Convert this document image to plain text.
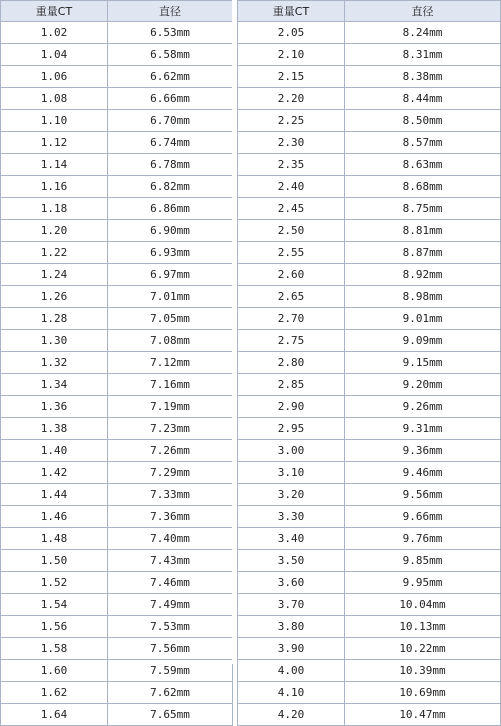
重量CT	直径
1.02	6.53mm
1.04	6.58mm
1.06	6.62mm
1.08	6.66mm
1.10	6.70mm
1.12	6.74mm
1.14	6.78mm
1.16	6.82mm
1.18	6.86mm
1.20	6.90mm
1.22	6.93mm
1.24	6.97mm
1.26	7.01mm
1.28	7.05mm
1.30	7.08mm
1.32	7.12mm
1.34	7.16mm
1.36	7.19mm
1.38	7.23mm
1.40	7.26mm
1.42	7.29mm
1.44	7.33mm
1.46	7.36mm
1.48	7.40mm
1.50	7.43mm
1.52	7.46mm
1.54	7.49mm
1.56	7.53mm
1.58	7.56mm
1.60	7.59mm
1.62	7.62mm
1.64	7.65mm
重量CT	直径
2.05	8.24mm
2.10	8.31mm
2.15	8.38mm
2.20	8.44mm
2.25	8.50mm
2.30	8.57mm
2.35	8.63mm
2.40	8.68mm
2.45	8.75mm
2.50	8.81mm
2.55	8.87mm
2.60	8.92mm
2.65	8.98mm
2.70	9.01mm
2.75	9.09mm
2.80	9.15mm
2.85	9.20mm
2.90	9.26mm
2.95	9.31mm
3.00	9.36mm
3.10	9.46mm
3.20	9.56mm
3.30	9.66mm
3.40	9.76mm
3.50	9.85mm
3.60	9.95mm
3.70	10.04mm
3.80	10.13mm
3.90	10.22mm
4.00	10.39mm
4.10	10.69mm
4.20	10.47mm
